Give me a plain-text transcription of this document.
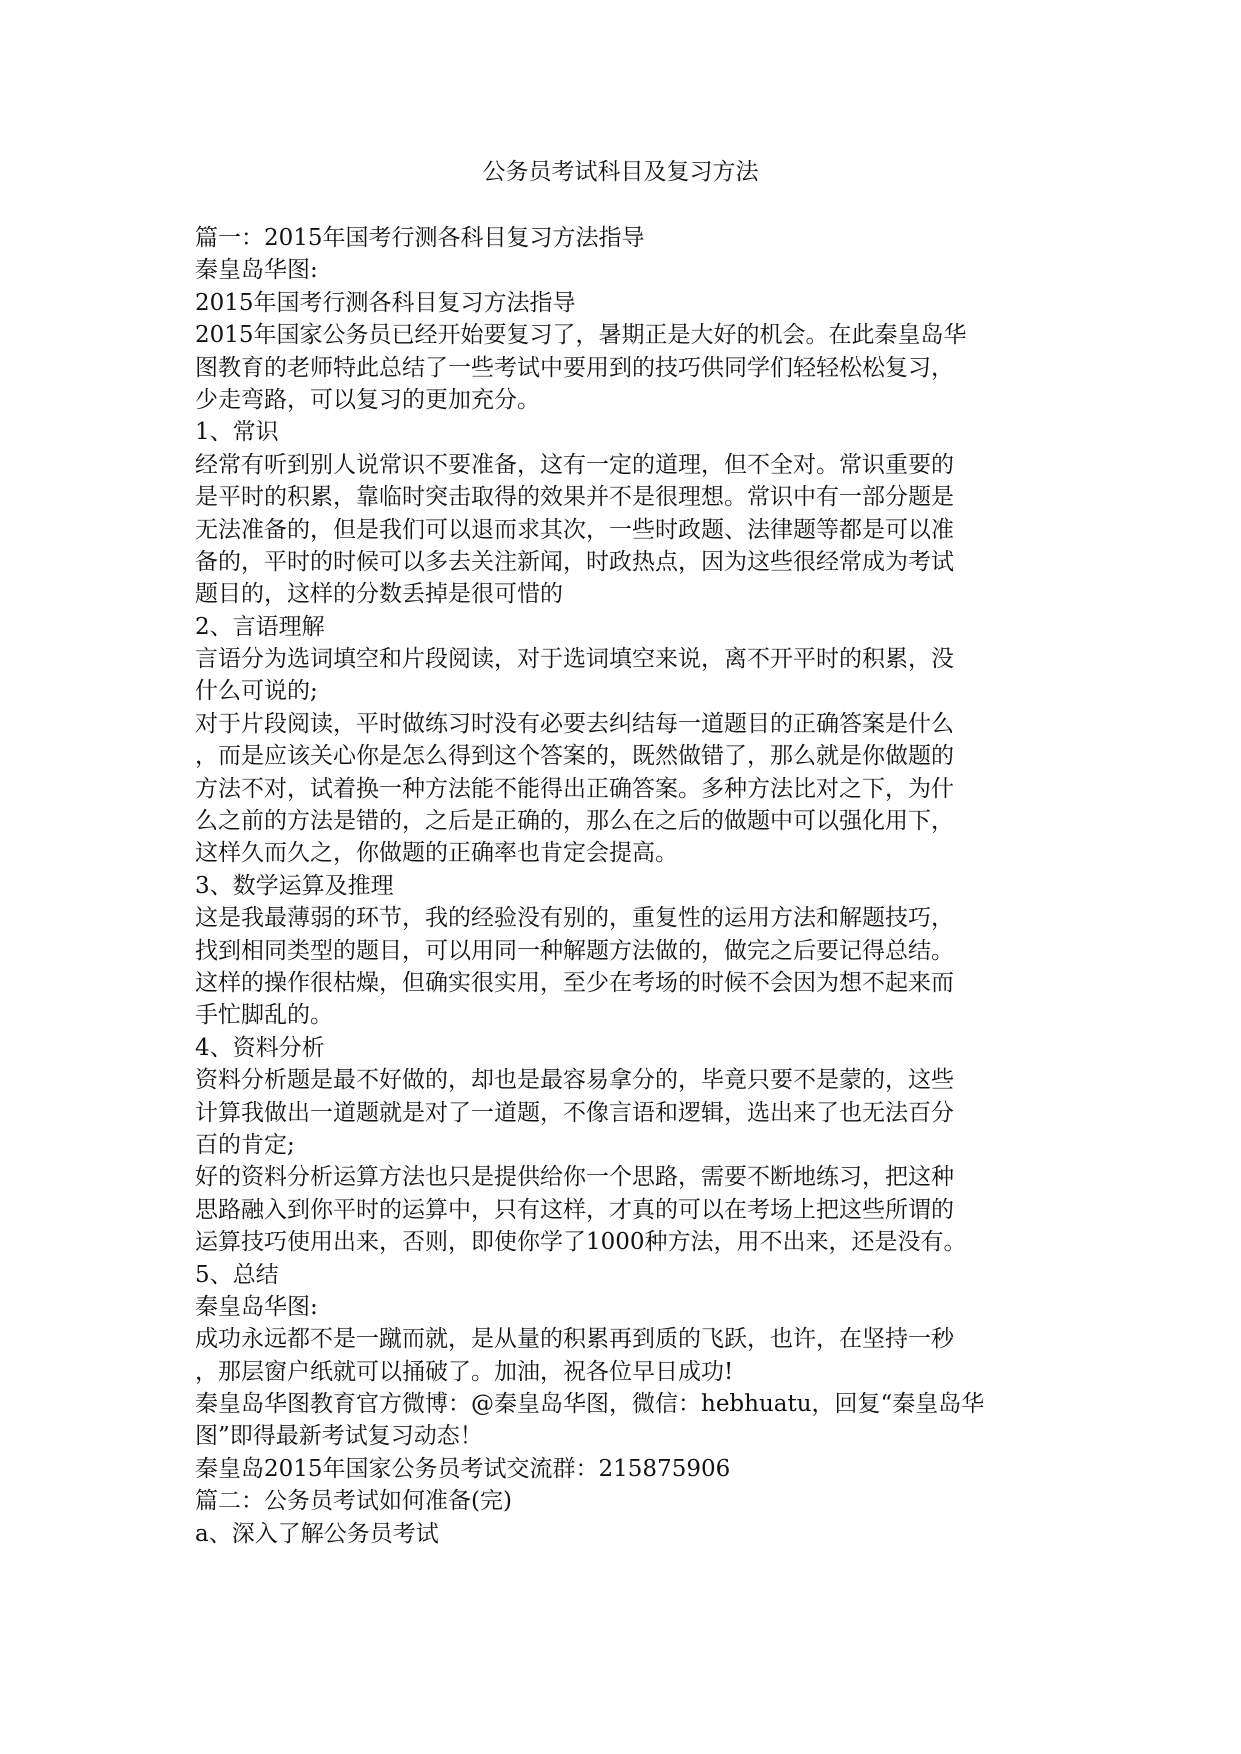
公务员考试科目及复习方法
篇一：2015年国考行测各科目复习方法指导
秦皇岛华图:
2015年国考行测各科目复习方法指导
2015年国家公务员已经开始要复习了，暑期正是大好的机会。在此秦皇岛华
图教育的老师特此总结了一些考试中要用到的技巧供同学们轻轻松松复习，
少走弯路，可以复习的更加充分。
1、常识
经常有听到别人说常识不要准备，这有一定的道理，但不全对。常识重要的
是平时的积累，靠临时突击取得的效果并不是很理想。常识中有一部分题是
无法准备的，但是我们可以退而求其次，一些时政题、法律题等都是可以准
备的，平时的时候可以多去关注新闻，时政热点，因为这些很经常成为考试
题目的，这样的分数丢掉是很可惜的
2、言语理解
言语分为选词填空和片段阅读，对于选词填空来说，离不开平时的积累，没
什么可说的;
对于片段阅读，平时做练习时没有必要去纠结每一道题目的正确答案是什么
，而是应该关心你是怎么得到这个答案的，既然做错了，那么就是你做题的
方法不对，试着换一种方法能不能得出正确答案。多种方法比对之下，为什
么之前的方法是错的，之后是正确的，那么在之后的做题中可以强化用下，
这样久而久之，你做题的正确率也肯定会提高。
3、数学运算及推理
这是我最薄弱的环节，我的经验没有别的，重复性的运用方法和解题技巧，
找到相同类型的题目，可以用同一种解题方法做的，做完之后要记得总结。
这样的操作很枯燥，但确实很实用，至少在考场的时候不会因为想不起来而
手忙脚乱的。
4、资料分析
资料分析题是最不好做的，却也是最容易拿分的，毕竟只要不是蒙的，这些
计算我做出一道题就是对了一道题，不像言语和逻辑，选出来了也无法百分
百的肯定;
好的资料分析运算方法也只是提供给你一个思路，需要不断地练习，把这种
思路融入到你平时的运算中，只有这样，才真的可以在考场上把这些所谓的
运算技巧使用出来，否则，即使你学了1000种方法，用不出来，还是没有。
5、总结
秦皇岛华图:
成功永远都不是一蹴而就，是从量的积累再到质的飞跃，也许，在坚持一秒
，那层窗户纸就可以捅破了。加油，祝各位早日成功!
秦皇岛华图教育官方微博：@秦皇岛华图，微信：hebhuatu，回复“秦皇岛华
图”即得最新考试复习动态！
秦皇岛2015年国家公务员考试交流群：215875906
篇二：公务员考试如何准备(完)
a、深入了解公务员考试
